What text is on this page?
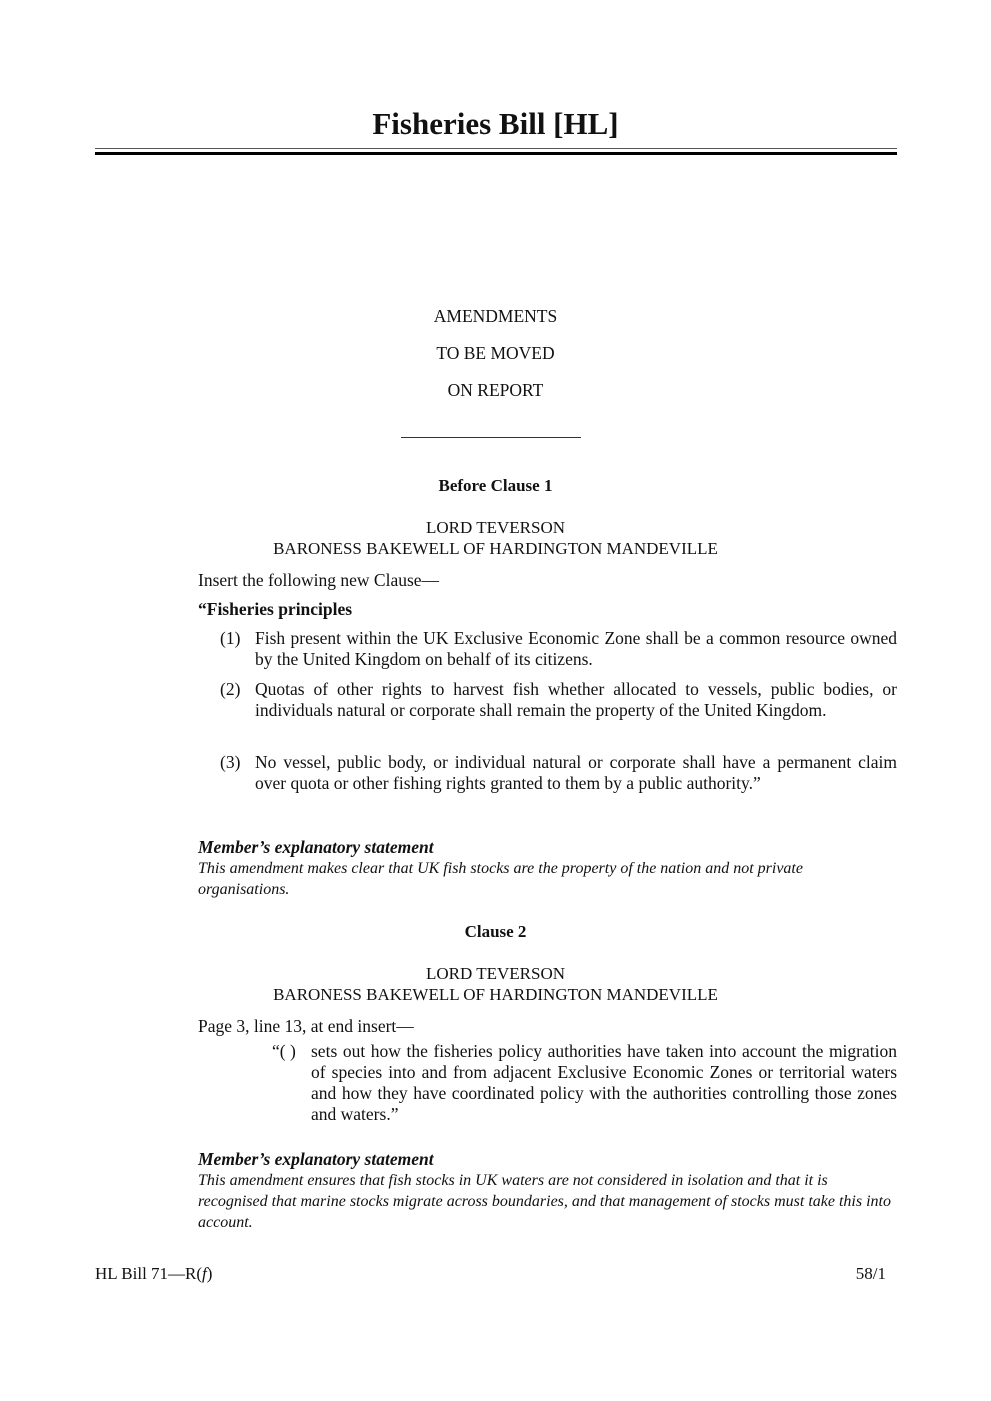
Fisheries Bill [HL]
AMENDMENTS
TO BE MOVED
ON REPORT
Before Clause 1
LORD TEVERSON
BARONESS BAKEWELL OF HARDINGTON MANDEVILLE
Insert the following new Clause—
“Fisheries principles
(1) Fish present within the UK Exclusive Economic Zone shall be a common resource owned by the United Kingdom on behalf of its citizens.
(2) Quotas of other rights to harvest fish whether allocated to vessels, public bodies, or individuals natural or corporate shall remain the property of the United Kingdom.
(3) No vessel, public body, or individual natural or corporate shall have a permanent claim over quota or other fishing rights granted to them by a public authority.”
Member’s explanatory statement
This amendment makes clear that UK fish stocks are the property of the nation and not private organisations.
Clause 2
LORD TEVERSON
BARONESS BAKEWELL OF HARDINGTON MANDEVILLE
Page 3, line 13, at end insert—
“( ) sets out how the fisheries policy authorities have taken into account the migration of species into and from adjacent Exclusive Economic Zones or territorial waters and how they have coordinated policy with the authorities controlling those zones and waters.”
Member’s explanatory statement
This amendment ensures that fish stocks in UK waters are not considered in isolation and that it is recognised that marine stocks migrate across boundaries, and that management of stocks must take this into account.
HL Bill 71—R(f)	58/1
